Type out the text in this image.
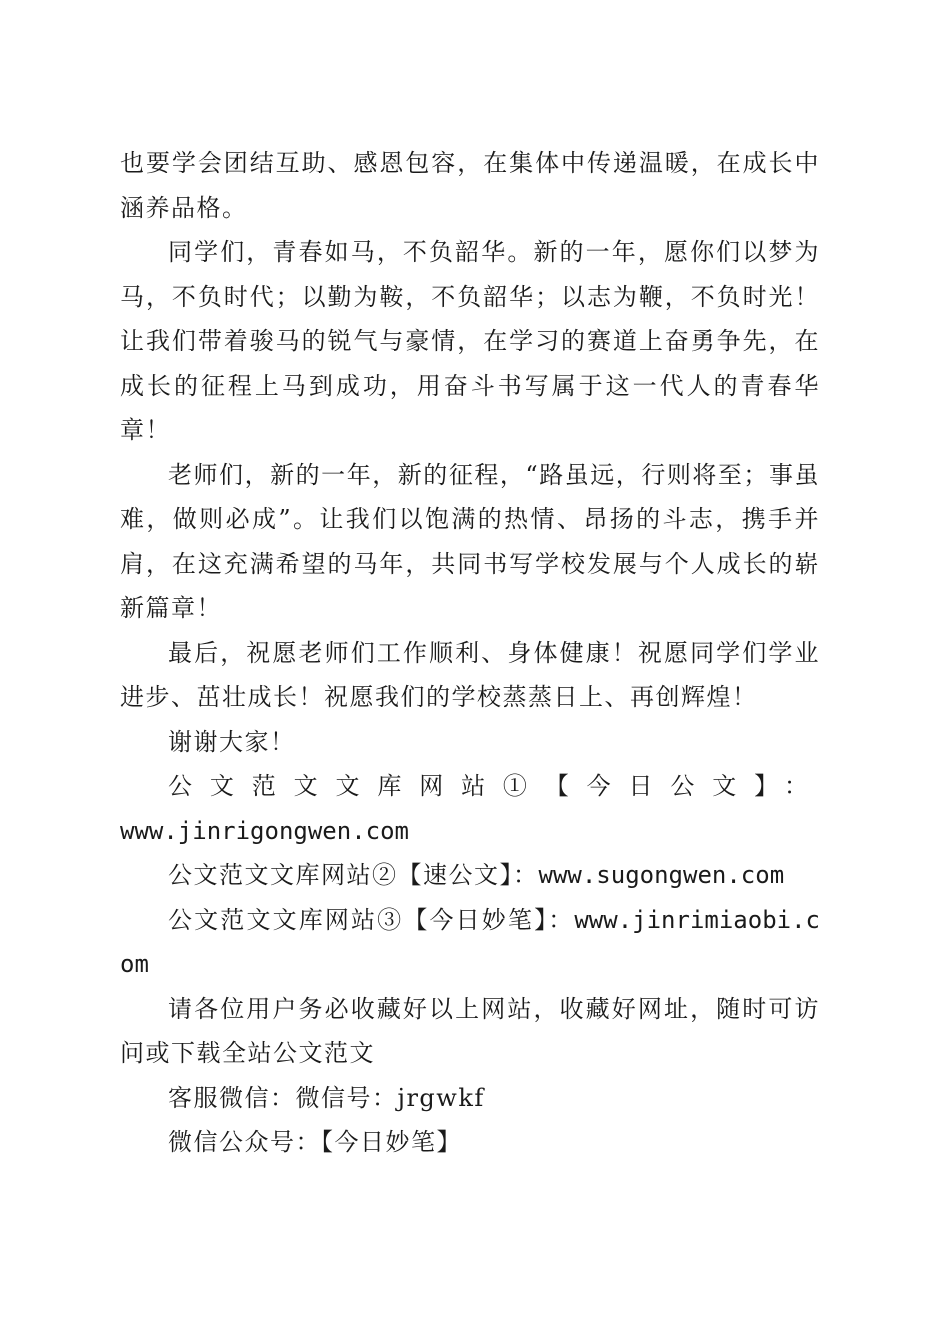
也要学会团结互助、感恩包容，在集体中传递温暖，在成长中涵养品格。

同学们，青春如马，不负韶华。新的一年，愿你们以梦为马，不负时代；以勤为鞍，不负韶华；以志为鞭，不负时光！让我们带着骏马的锐气与豪情，在学习的赛道上奋勇争先，在成长的征程上马到成功，用奋斗书写属于这一代人的青春华章！

老师们，新的一年，新的征程，“路虽远，行则将至；事虽难，做则必成”。让我们以饱满的热情、昂扬的斗志，携手并肩，在这充满希望的马年，共同书写学校发展与个人成长的崭新篇章！

最后，祝愿老师们工作顺利、身体健康！祝愿同学们学业进步、茁壮成长！祝愿我们的学校蒸蒸日上、再创辉煌！

谢谢大家！

公文范文文库网站①【今日公文】：

www.jinrigongwen.com

公文范文文库网站②【速公文】：www.sugongwen.com

公文范文文库网站③【今日妙笔】：www.jinrimiaobi.com

请各位用户务必收藏好以上网站，收藏好网址，随时可访问或下载全站公文范文

客服微信：微信号：jrgwkf

微信公众号：【今日妙笔】
